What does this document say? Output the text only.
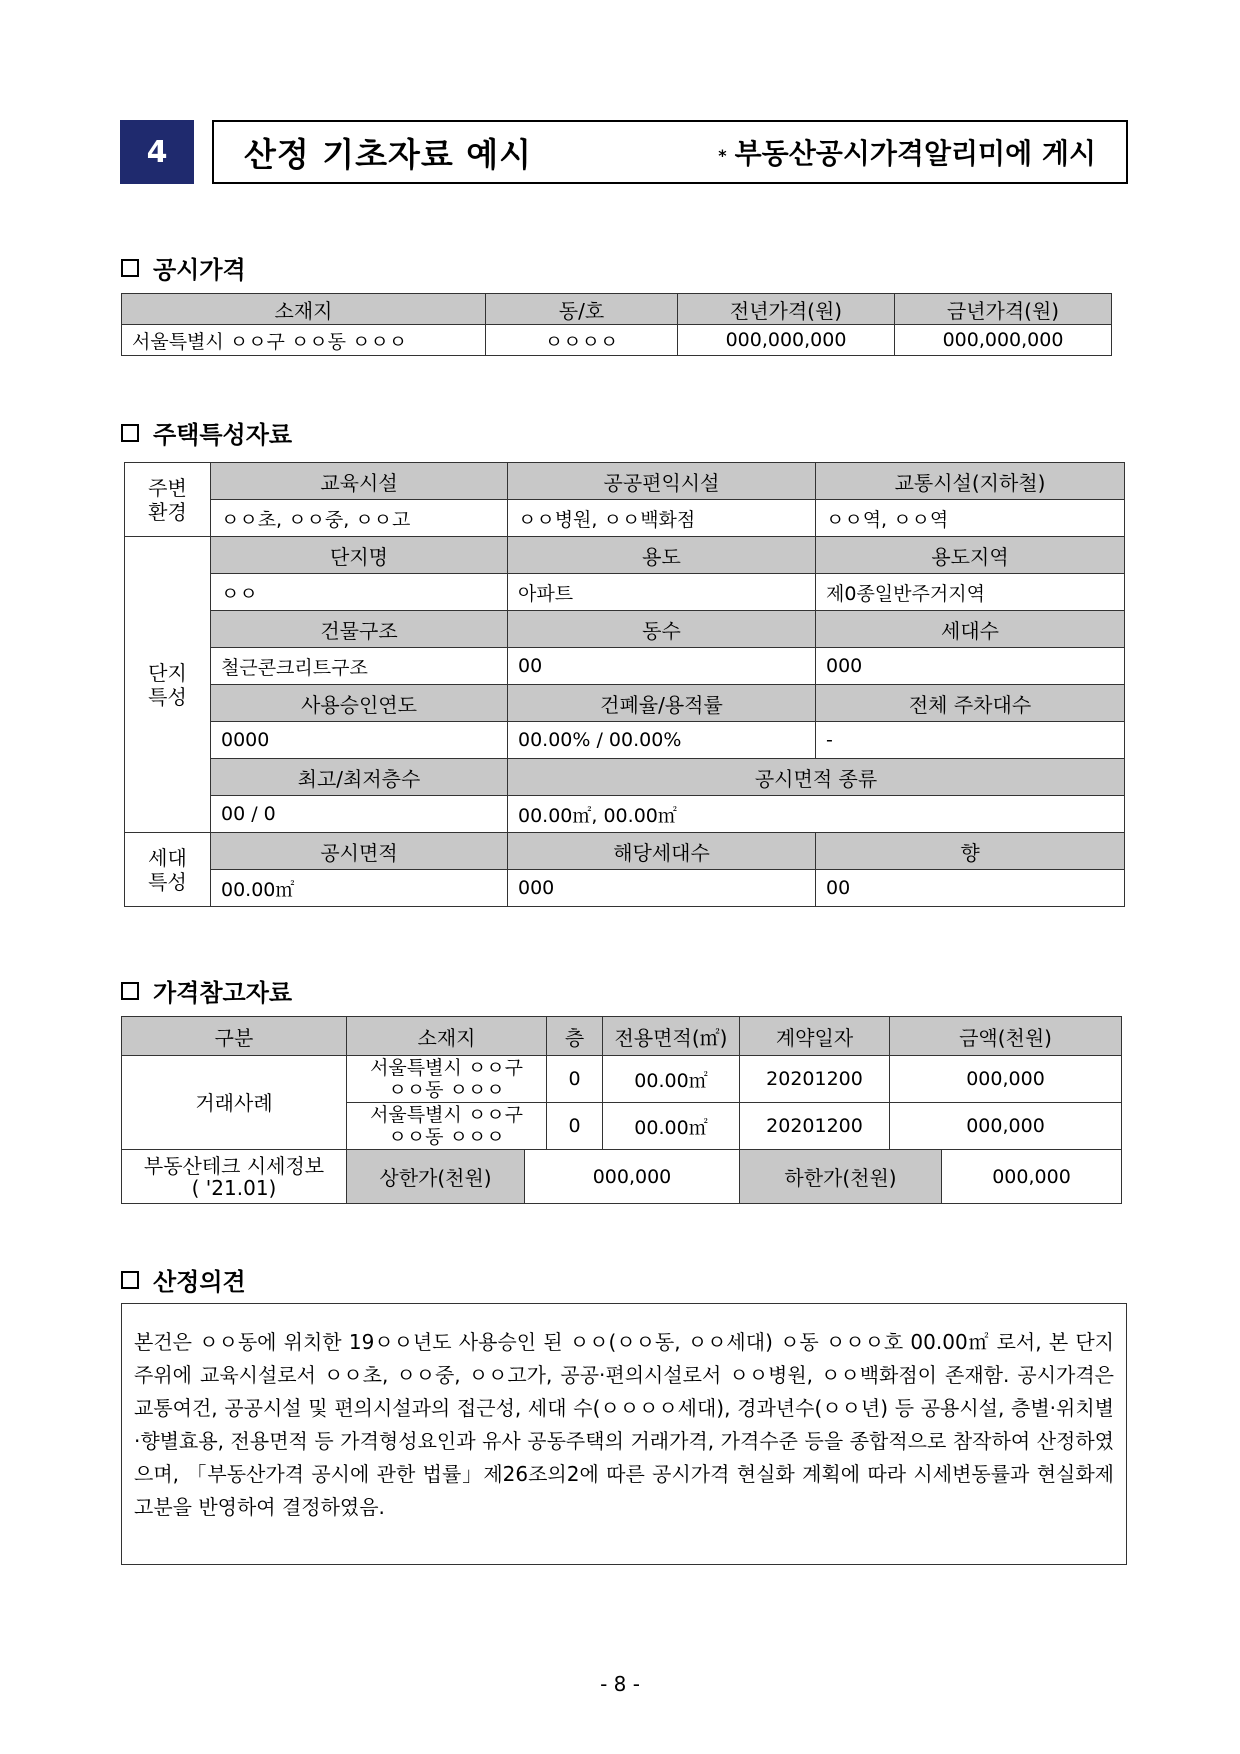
4	산정 기초자료 예시	* 부동산공시가격알리미에 게시
공시가격
소재지	동/호	전년가격(원)	금년가격(원)
서울특별시 ㅇㅇ구 ㅇㅇ동 ㅇㅇㅇ	ㅇㅇㅇㅇ	000,000,000	000,000,000
주택특성자료
주변
환경	교육시설	공공편익시설	교통시설(지하철)
	ㅇㅇ초, ㅇㅇ중, ㅇㅇ고	ㅇㅇ병원, ㅇㅇ백화점	ㅇㅇ역, ㅇㅇ역
단지
특성	단지명	용도	용도지역
	ㅇㅇ	아파트	제0종일반주거지역
	건물구조	동수	세대수
	철근콘크리트구조	00	000
	사용승인연도	건폐율/용적률	전체 주차대수
	0000	00.00% / 00.00%	-
	최고/최저층수	공시면적 종류	
	00 / 0	00.00㎡, 00.00㎡	
세대
특성	공시면적	해당세대수	향
	00.00㎡	000	00
가격참고자료
구분	소재지		층	전용면적(㎡)	계약일자	금액(천원)	
거래사례	서울특별시 ㅇㅇ구
ㅇㅇ동 ㅇㅇㅇ		0	00.00㎡	20201200	000,000	
	서울특별시 ㅇㅇ구
ㅇㅇ동 ㅇㅇㅇ		0	00.00㎡	20201200	000,000	
부동산테크 시세정보
( '21.01)	상한가(천원)	000,000			하한가(천원)		000,000
산정의견
본건은 ㅇㅇ동에 위치한 19ㅇㅇ년도 사용승인 된 ㅇㅇ(ㅇㅇ동, ㅇㅇ세대) ㅇ동 ㅇㅇㅇ호 00.00㎡ 로서, 본 단지 주위에 교육시설로서 ㅇㅇ초, ㅇㅇ중, ㅇㅇ고가, 공공·편의시설로서 ㅇㅇ병원, ㅇㅇ백화점이 존재함. 공시가격은 교통여건, 공공시설 및 편의시설과의 접근성, 세대 수(ㅇㅇㅇㅇ세대), 경과년수(ㅇㅇ년) 등 공용시설, 층별·위치별·향별효용, 전용면적 등 가격형성요인과 유사 공동주택의 거래가격, 가격수준 등을 종합적으로 참작하여 산정하였으며, 「부동산가격 공시에 관한 법률」제26조의2에 따른 공시가격 현실화 계획에 따라 시세변동률과 현실화제고분을 반영하여 결정하였음.
- 8 -
